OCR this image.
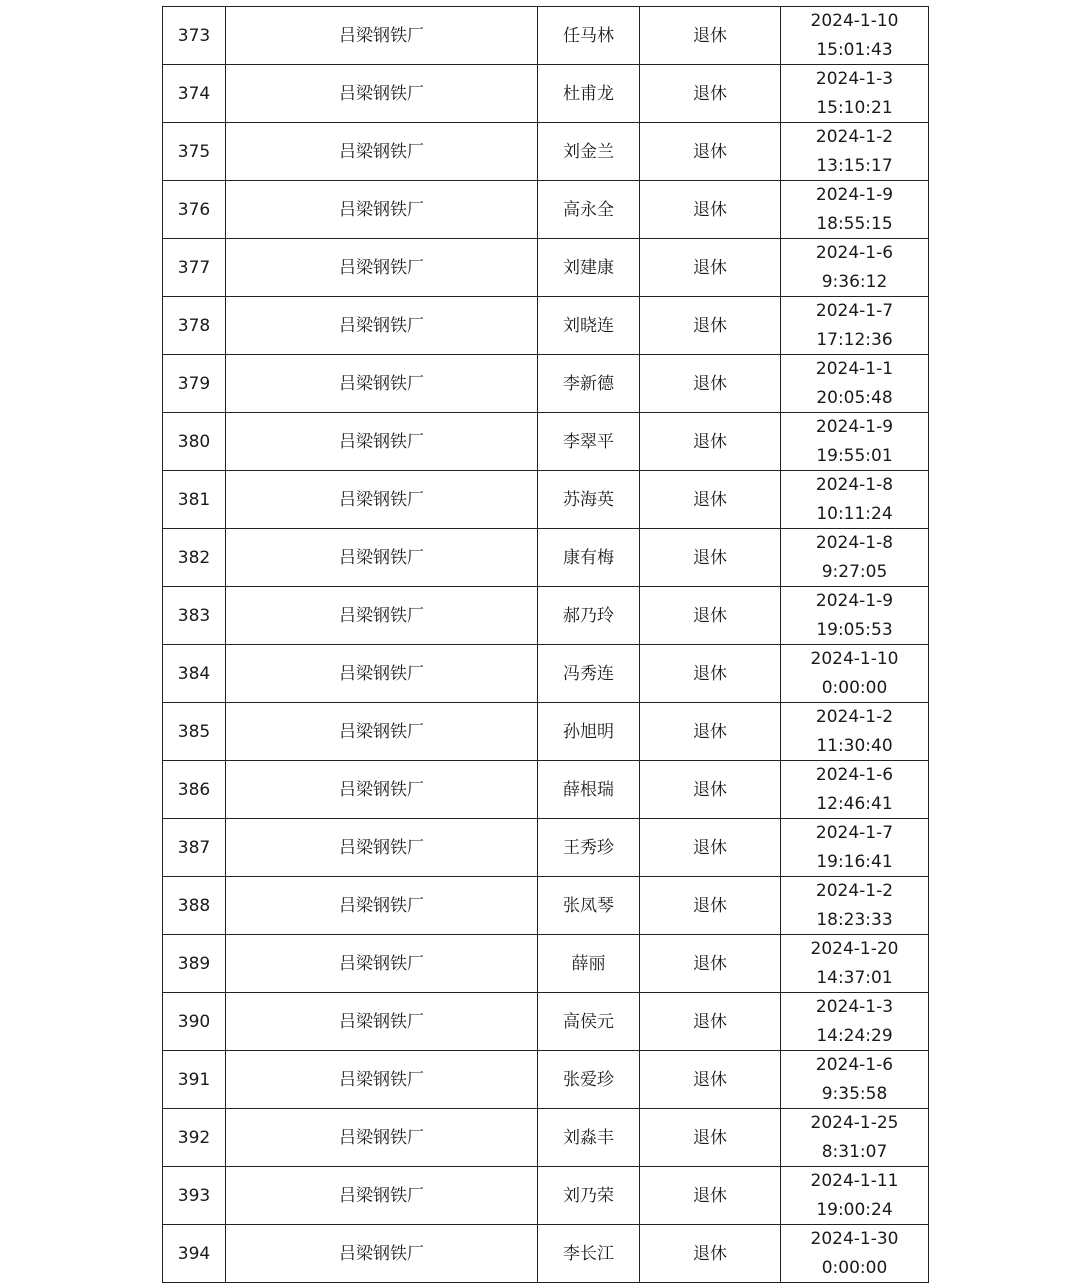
373	吕梁钢铁厂	任马林	退休	2024-1-10
15:01:43

374	吕梁钢铁厂	杜甫龙	退休	2024-1-3
15:10:21

375	吕梁钢铁厂	刘金兰	退休	2024-1-2
13:15:17

376	吕梁钢铁厂	高永全	退休	2024-1-9
18:55:15

377	吕梁钢铁厂	刘建康	退休	2024-1-6
9:36:12

378	吕梁钢铁厂	刘晓连	退休	2024-1-7
17:12:36

379	吕梁钢铁厂	李新德	退休	2024-1-1
20:05:48

380	吕梁钢铁厂	李翠平	退休	2024-1-9
19:55:01

381	吕梁钢铁厂	苏海英	退休	2024-1-8
10:11:24

382	吕梁钢铁厂	康有梅	退休	2024-1-8
9:27:05

383	吕梁钢铁厂	郝乃玲	退休	2024-1-9
19:05:53

384	吕梁钢铁厂	冯秀连	退休	2024-1-10
0:00:00

385	吕梁钢铁厂	孙旭明	退休	2024-1-2
11:30:40

386	吕梁钢铁厂	薛根瑞	退休	2024-1-6
12:46:41

387	吕梁钢铁厂	王秀珍	退休	2024-1-7
19:16:41

388	吕梁钢铁厂	张凤琴	退休	2024-1-2
18:23:33

389	吕梁钢铁厂	薛丽	退休	2024-1-20
14:37:01

390	吕梁钢铁厂	高侯元	退休	2024-1-3
14:24:29

391	吕梁钢铁厂	张爱珍	退休	2024-1-6
9:35:58

392	吕梁钢铁厂	刘淼丰	退休	2024-1-25
8:31:07

393	吕梁钢铁厂	刘乃荣	退休	2024-1-11
19:00:24

394	吕梁钢铁厂	李长江	退休	2024-1-30
0:00:00
